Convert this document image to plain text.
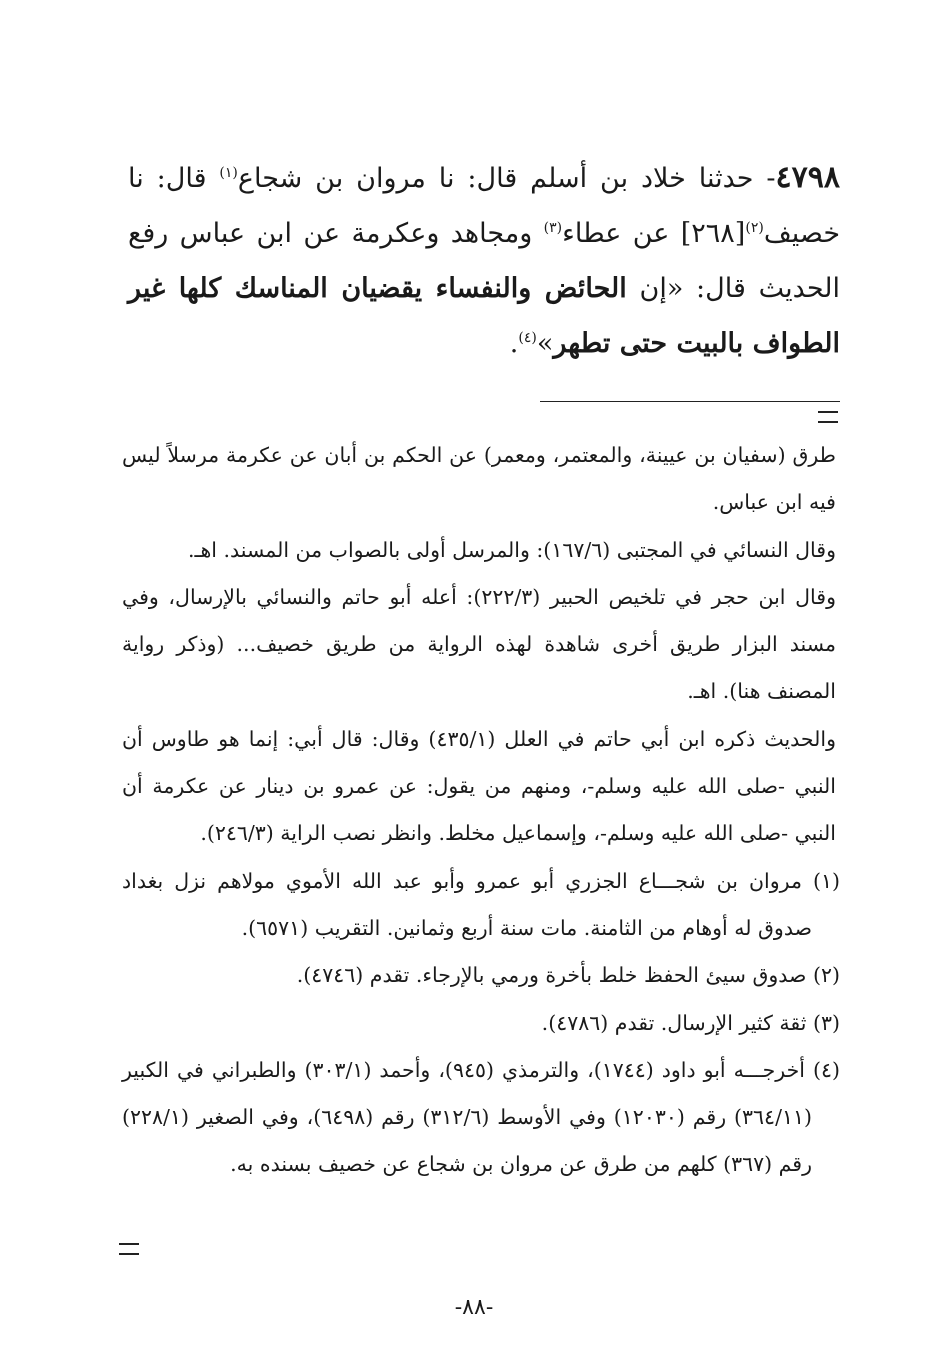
٤٧٩٨- حدثنا خلاد بن أسلم قال: نا مروان بن شجاع$^{(١)}$ قال: نا خصيف$^{(٢)}$[٢٦٨] عن عطاء$^{(٣)}$ ومجاهد وعكرمة عن ابن عباس رفع الحديث قال: «إن الحائض والنفساء يقضيان المناسك كلها غير الطواف بالبيت حتى تطهر»$^{(٤)}$.

طرق (سفيان بن عيينة، والمعتمر، ومعمر) عن الحكم بن أبان عن عكرمة مرسلاً ليس فيه ابن عباس.

وقال النسائي في المجتبى (١٦٧/٦): والمرسل أولى بالصواب من المسند. اهـ.

وقال ابن حجر في تلخيص الحبير (٢٢٢/٣): أعله أبو حاتم والنسائي بالإرسال، وفي مسند البزار طريق أخرى شاهدة لهذه الرواية من طريق خصيف... (وذكر رواية المصنف هنا). اهـ.

والحديث ذكره ابن أبي حاتم في العلل (٤٣٥/١) وقال: قال أبي: إنما هو طاوس أن النبي -صلى الله عليه وسلم-، ومنهم من يقول: عن عمرو بن دينار عن عكرمة أن النبي -صلى الله عليه وسلم-، وإسماعيل مخلط. وانظر نصب الراية (٢٤٦/٣).

(١) مروان بن شجـــاع الجزري أبو عمرو وأبو عبد الله الأموي مولاهم نزل بغداد صدوق له أوهام من الثامنة. مات سنة أربع وثمانين. التقريب (٦٥٧١).

(٢) صدوق سيئ الحفظ خلط بأخرة ورمي بالإرجاء. تقدم (٤٧٤٦).

(٣) ثقة كثير الإرسال. تقدم (٤٧٨٦).

(٤) أخرجـــه أبو داود (١٧٤٤)، والترمذي (٩٤٥)، وأحمد (٣٠٣/١) والطبراني في الكبير (٣٦٤/١١) رقم (١٢٠٣٠) وفي الأوسط (٣١٢/٦) رقم (٦٤٩٨)، وفي الصغير (٢٢٨/١) رقم (٣٦٧) كلهم من طرق عن مروان بن شجاع عن خصيف بسنده به.

-٨٨-
